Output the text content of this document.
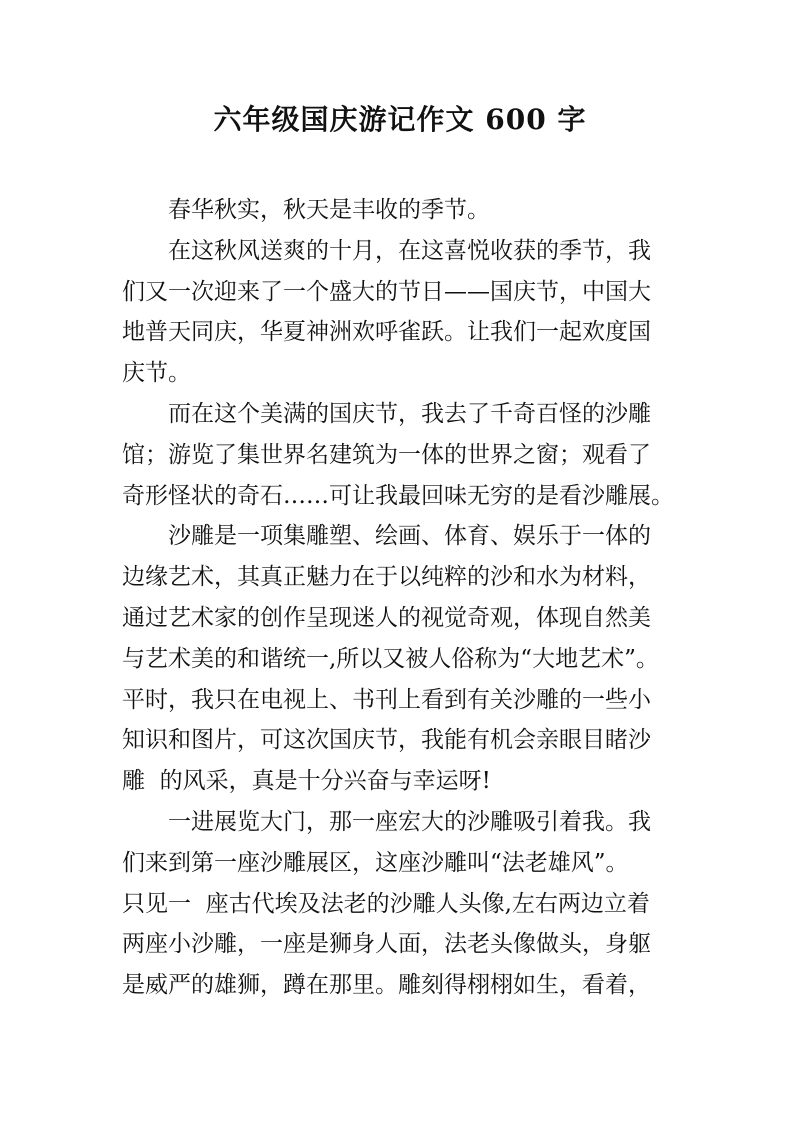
六年级国庆游记作文 600 字
春华秋实，秋天是丰收的季节。
在这秋风送爽的十月，在这喜悦收获的季节，我
们又一次迎来了一个盛大的节日——国庆节，中国大
地普天同庆，华夏神洲欢呼雀跃。让我们一起欢度国
庆节。
而在这个美满的国庆节，我去了千奇百怪的沙雕
馆；游览了集世界名建筑为一体的世界之窗；观看了
奇形怪状的奇石……可让我最回味无穷的是看沙雕展。
沙雕是一项集雕塑、绘画、体育、娱乐于一体的
边缘艺术，其真正魅力在于以纯粹的沙和水为材料，
通过艺术家的创作呈现迷人的视觉奇观，体现自然美
与艺术美的和谐统一,所以又被人俗称为“大地艺术”。
平时，我只在电视上、书刊上看到有关沙雕的一些小
知识和图片，可这次国庆节，我能有机会亲眼目睹沙
雕  的风采，真是十分兴奋与幸运呀!
一进展览大门，那一座宏大的沙雕吸引着我。我
们来到第一座沙雕展区，这座沙雕叫“法老雄风”。
只见一  座古代埃及法老的沙雕人头像,左右两边立着
两座小沙雕，一座是狮身人面，法老头像做头，身躯
是威严的雄狮，蹲在那里。雕刻得栩栩如生，看着，
